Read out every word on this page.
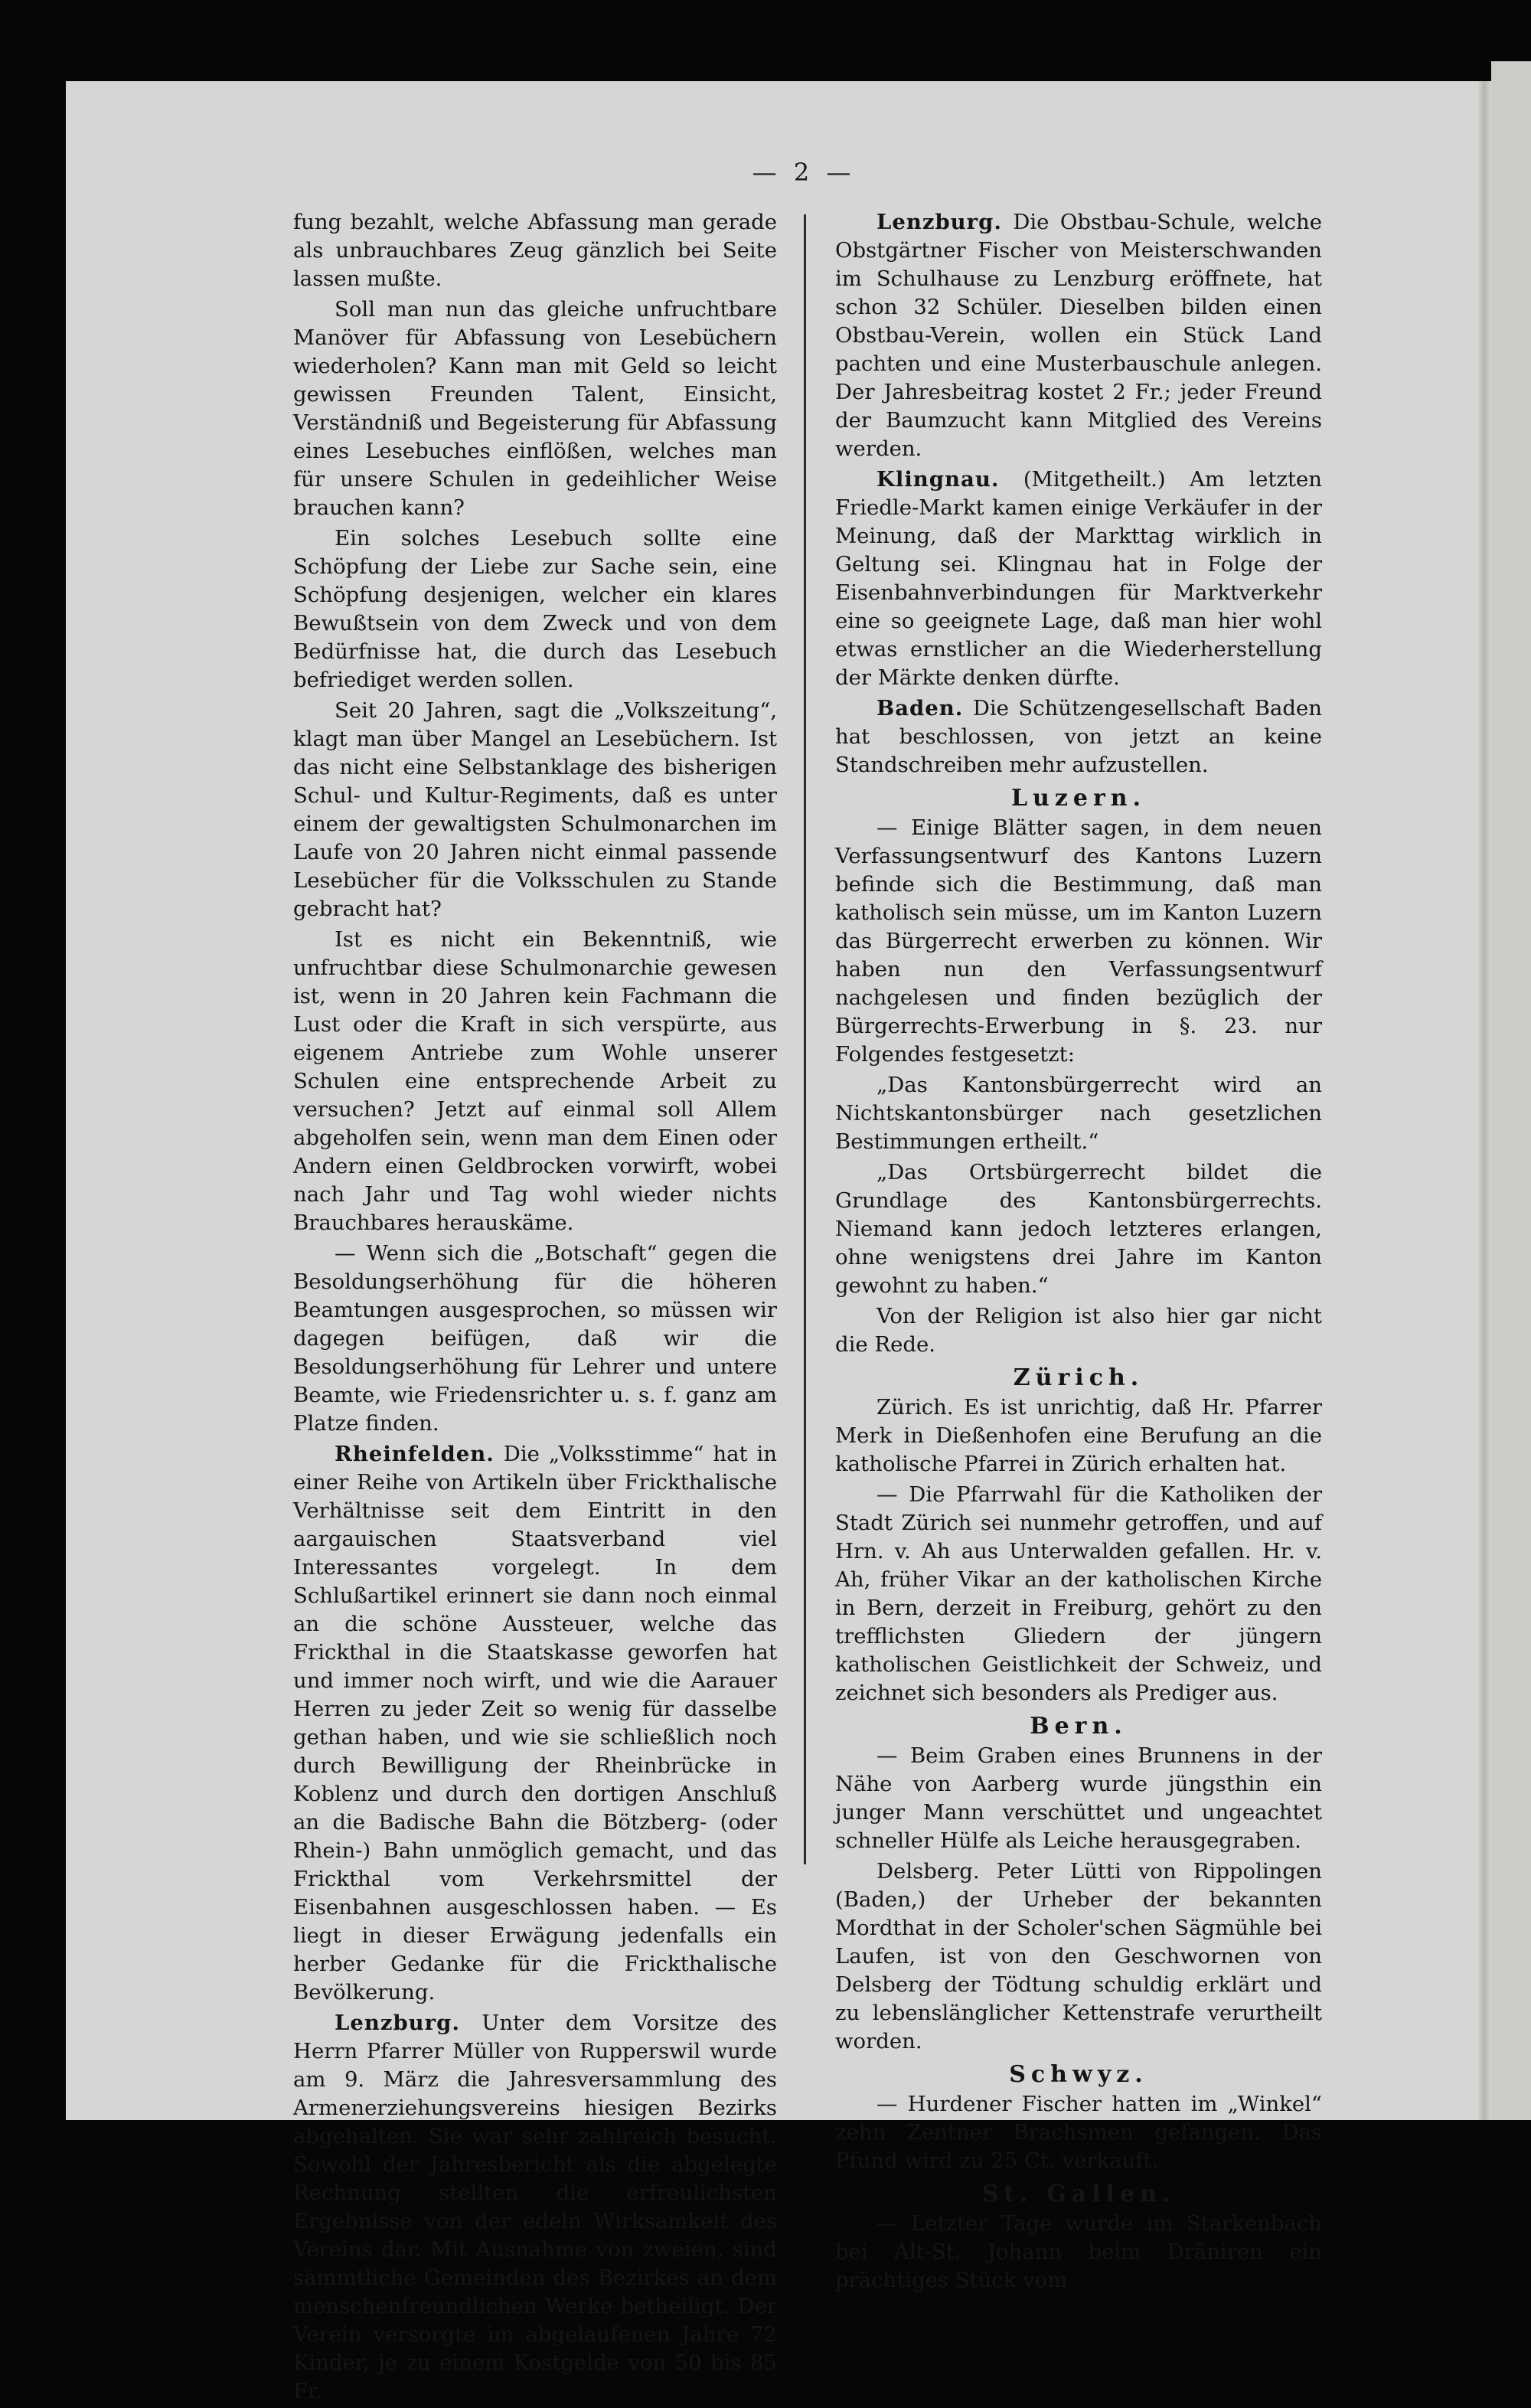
— 2 —
fung bezahlt, welche Abfassung man gerade als unbrauchbares Zeug gänzlich bei Seite lassen mußte.
Soll man nun das gleiche unfruchtbare Manöver für Abfassung von Lesebüchern wiederholen? Kann man mit Geld so leicht gewissen Freunden Talent, Einsicht, Verständniß und Begeisterung für Abfassung eines Lesebuches einflößen, welches man für unsere Schulen in gedeihlicher Weise brauchen kann?
Ein solches Lesebuch sollte eine Schöpfung der Liebe zur Sache sein, eine Schöpfung desjenigen, welcher ein klares Bewußtsein von dem Zweck und von dem Bedürfnisse hat, die durch das Lesebuch befriediget werden sollen.
Seit 20 Jahren, sagt die „Volkszeitung“, klagt man über Mangel an Lesebüchern. Ist das nicht eine Selbstanklage des bisherigen Schul- und Kultur-Regiments, daß es unter einem der gewaltigsten Schulmonarchen im Laufe von 20 Jahren nicht einmal passende Lesebücher für die Volksschulen zu Stande gebracht hat?
Ist es nicht ein Bekenntniß, wie unfruchtbar diese Schulmonarchie gewesen ist, wenn in 20 Jahren kein Fachmann die Lust oder die Kraft in sich verspürte, aus eigenem Antriebe zum Wohle unserer Schulen eine entsprechende Arbeit zu versuchen? Jetzt auf einmal soll Allem abgeholfen sein, wenn man dem Einen oder Andern einen Geldbrocken vorwirft, wobei nach Jahr und Tag wohl wieder nichts Brauchbares herauskäme.
— Wenn sich die „Botschaft“ gegen die Besoldungserhöhung für die höheren Beamtungen ausgesprochen, so müssen wir dagegen beifügen, daß wir die Besoldungserhöhung für Lehrer und untere Beamte, wie Friedensrichter u. s. f. ganz am Platze finden.
Rheinfelden. Die „Volksstimme“ hat in einer Reihe von Artikeln über Frickthalische Verhältnisse seit dem Eintritt in den aargauischen Staatsverband viel Interessantes vorgelegt. In dem Schlußartikel erinnert sie dann noch einmal an die schöne Aussteuer, welche das Frickthal in die Staatskasse geworfen hat und immer noch wirft, und wie die Aarauer Herren zu jeder Zeit so wenig für dasselbe gethan haben, und wie sie schließlich noch durch Bewilligung der Rheinbrücke in Koblenz und durch den dortigen Anschluß an die Badische Bahn die Bötzberg- (oder Rhein-) Bahn unmöglich gemacht, und das Frickthal vom Verkehrsmittel der Eisenbahnen ausgeschlossen haben. — Es liegt in dieser Erwägung jedenfalls ein herber Gedanke für die Frickthalische Bevölkerung.
Lenzburg. Unter dem Vorsitze des Herrn Pfarrer Müller von Rupperswil wurde am 9. März die Jahresversammlung des Armenerziehungsvereins hiesigen Bezirks abgehalten. Sie war sehr zahlreich besucht. Sowohl der Jahresbericht als die abgelegte Rechnung stellten die erfreulichsten Ergebnisse von der edeln Wirksamkeit des Vereins dar. Mit Ausnahme von zweien, sind sämmtliche Gemeinden des Bezirkes an dem menschenfreundlichen Werke betheiligt. Der Verein versorgte im abgelaufenen Jahre 72 Kinder, je zu einem Kostgelde von 50 bis 85 Fr.
Lenzburg. Die Obstbau-Schule, welche Obstgärtner Fischer von Meisterschwanden im Schulhause zu Lenzburg eröffnete, hat schon 32 Schüler. Dieselben bilden einen Obstbau-Verein, wollen ein Stück Land pachten und eine Musterbauschule anlegen. Der Jahresbeitrag kostet 2 Fr.; jeder Freund der Baumzucht kann Mitglied des Vereins werden.
Klingnau. (Mitgetheilt.) Am letzten Friedle-Markt kamen einige Verkäufer in der Meinung, daß der Markttag wirklich in Geltung sei. Klingnau hat in Folge der Eisenbahnverbindungen für Marktverkehr eine so geeignete Lage, daß man hier wohl etwas ernstlicher an die Wiederherstellung der Märkte denken dürfte.
Baden. Die Schützengesellschaft Baden hat beschlossen, von jetzt an keine Standschreiben mehr aufzustellen.
Luzern.
— Einige Blätter sagen, in dem neuen Verfassungsentwurf des Kantons Luzern befinde sich die Bestimmung, daß man katholisch sein müsse, um im Kanton Luzern das Bürgerrecht erwerben zu können. Wir haben nun den Verfassungsentwurf nachgelesen und finden bezüglich der Bürgerrechts-Erwerbung in §. 23. nur Folgendes festgesetzt:
„Das Kantonsbürgerrecht wird an Nichtskantonsbürger nach gesetzlichen Bestimmungen ertheilt.“
„Das Ortsbürgerrecht bildet die Grundlage des Kantonsbürgerrechts. Niemand kann jedoch letzteres erlangen, ohne wenigstens drei Jahre im Kanton gewohnt zu haben.“
Von der Religion ist also hier gar nicht die Rede.
Zürich.
Zürich. Es ist unrichtig, daß Hr. Pfarrer Merk in Dießenhofen eine Berufung an die katholische Pfarrei in Zürich erhalten hat.
— Die Pfarrwahl für die Katholiken der Stadt Zürich sei nunmehr getroffen, und auf Hrn. v. Ah aus Unterwalden gefallen. Hr. v. Ah, früher Vikar an der katholischen Kirche in Bern, derzeit in Freiburg, gehört zu den trefflichsten Gliedern der jüngern katholischen Geistlichkeit der Schweiz, und zeichnet sich besonders als Prediger aus.
Bern.
— Beim Graben eines Brunnens in der Nähe von Aarberg wurde jüngsthin ein junger Mann verschüttet und ungeachtet schneller Hülfe als Leiche herausgegraben.
Delsberg. Peter Lütti von Rippolingen (Baden,) der Urheber der bekannten Mordthat in der Scholer'schen Sägmühle bei Laufen, ist von den Geschwornen von Delsberg der Tödtung schuldig erklärt und zu lebenslänglicher Kettenstrafe verurtheilt worden.
Schwyz.
— Hurdener Fischer hatten im „Winkel“ zehn Zentner Brachsmen gefangen. Das Pfund wird zu 25 Ct. verkauft.
St. Gallen.
— Letzter Tage wurde im Starkenbach bei Alt-St. Johann beim Dräniren ein prächtiges Stück vom
